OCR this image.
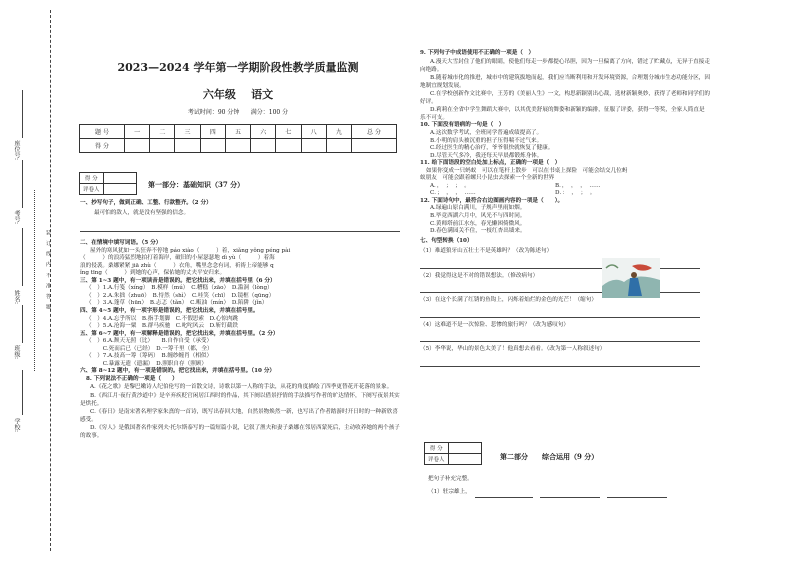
装 订 线 内 不 准 答 题
学校:
班级:
姓名:
考号:
座位号:
2023—2024 学年第一学期阶段性教学质量监测
六年级    语文
考试时间：90 分钟      满分：100 分
题 号	一	二	三	四	五	六	七	八	九	总 分
得 分										
得 分	
评卷人	
第一部分：基础知识（37 分）
一、抄写句子，做到正确、工整、行款整齐。（2 分）
最可怕的敌人，就是没有坚强的信念。
二、在情境中填写词语。（5 分）
屋外的寒风犹如一头狂奔不停地 páo xiào（　　　）着，xiǎng yǒng péng pài
（　　　）的浪涛猛烈地拍打着海岸，破旧的小屋瑟瑟地 dì yù（　　　）着海
浪的侵袭。桑娜紧紧 jiā zhù（　　　）衣角，嘴里念念有词，祈祷上帝能够 q
ǐng tīng（　　　）到她的心声，保佑她的丈夫平安归来。
三、第 1~3 题中，有一项读音是错误的。把它找出来，并填在括号里（6 分）
（　）1.A.行笺（xíng）　B.模样（mú）　C.糟糕（zāo）　D.滥洞（lòng）
（　）2.A.朱拙（zhuō）　B.恃然（shì）　C.哇笑（chī）　D.镜框（qūng）
（　）3.A.蓬草（hūn）　B.忐忑（tǎn）　C.畈油（mín）　D.陷阱（jǐn）
四、第 4~5 题中，有一项字形是错误的，把它找出来，并填在括号里。
（　）4.A.忘乎所以　B.指手划脚　C.不假思索　D.心惊肉跳
（　）5.A.沧海一粟　B.群马疾驰　C.叱咤风云　D.斩钉截铁
五、第 6~7 题中，有一项解释是错误的，把它找出来，并填在括号里。（2 分）
（　）6.A.颓天无照（比）　　B.自作自受（承受）
　　　C.死而后已（已经）　D.一筹千里（都，全）
（　）7.A.技高一筹（筹码）　B.缠纱缠肖（相似）
　　　C.暴露无遗（遗漏）　D.照职自存（照顾）
六、第 8~12 题中，有一项是错误的。把它找出来，并填在括号里。（10 分）
8. 下列说法不正确的一项是（　　）
A.《花之歌》是黎巴嫩诗人纪伯伦写的一首散文诗，诗歌以第一人称的手法，从花的角度描绘了四季更替花开花落的景象。
B.《西江月·夜行黄沙道中》是辛弃疾贬官闲居江西时的作品，其下阕以借景抒情的手法描写作者的旷达情怀，下阕写夜景其实是烘托。
C.《春日》是南宋著名理学家朱熹的一首诗，既写出春回大地，自然景物焕然一新，也写出了作者踏游时开日时的一种新欣喜感受。
D.《穷人》是俄国著名作家列夫·托尔斯泰写的一篇短篇小说，记叙了渔夫和妻子桑娜在邻居西蒙死后，主动收养她的两个孩子的故事。
9. 下列句子中成语使用不正确的一项是（　）
A.漫天大雪封住了他们的眼睛，使他们每走一步都提心吊胆，因为一旦偏离了方向，错过了贮藏点，无异于直接走向绝路。
B.随着城市化的推进，城市中的建筑拔地而起，我们应当断利用和开发环境资源，合理划分城市生态功能分区，因地制宜规划发展。
C.在学校创新作文比赛中，王芳的《美丽人生》一文，构思新颖别出心裁，选材新颖奥妙，获得了老师和同学们的好评。
D.莉莉在全省中学生舞蹈大赛中，以其优美舒展的舞姿和新颖的编排，征服了评委，获得一等奖，全家人简直是乐不可支。
10. 下面没有语病的一句是（　）
A.这次数学考试，全班同学普遍成绩提高了。
B.小明的肩头被沉重的担子压得喘不过气来。
C.经过医生的精心治疗，爷爷很快就恢复了健康。
D.尽管天气多冷，我还每天早晨都锻炼身体。
11. 给下面语段的空白处加上标点，正确的一项是（　）
如果你变成一只蚂蚁　可以在笔杆上散步　可以在书桌上探险　可能会结交几位蚂
蚁朋友　可能会跟着螺只小昆虫去探索一个全新的世界
A．，  ；  ；  。	B．，  ，  ，  ……
C．；  ，  ，  ……	D．：  ，  ；  。
12. 下面诗句中，最符合右边图画内容的一项是（　　）。
A.绿遍山原白满川，子规声里雨如烟。
B.毕竟西湖六月中，风光不与四时同。
C.黄师塔前江水东，春光懒困倚微风。
D.春色满园关不住，一枝红杏出墙来。
七、句型转换（10）
（1）难道狼牙山五壮士不是英雄吗？（改为陈述句）
（2）我觉得这是不对的错误想法。（修改病句）
（3）在这个长满了红锈的鱼钩上，闪烁着灿烂的金色的光芒！（缩句）
（4）这难道不是一次惊险、悲惨的旅行吗？（改为感叹句）
（5）李华说，华山的景色太美了！他真想去看看。（改为第一人称叙述句）
得 分	
评卷人		第二部分　　综合运用（9 分）
把句子补充完整。
（1）驻宗雄上，
